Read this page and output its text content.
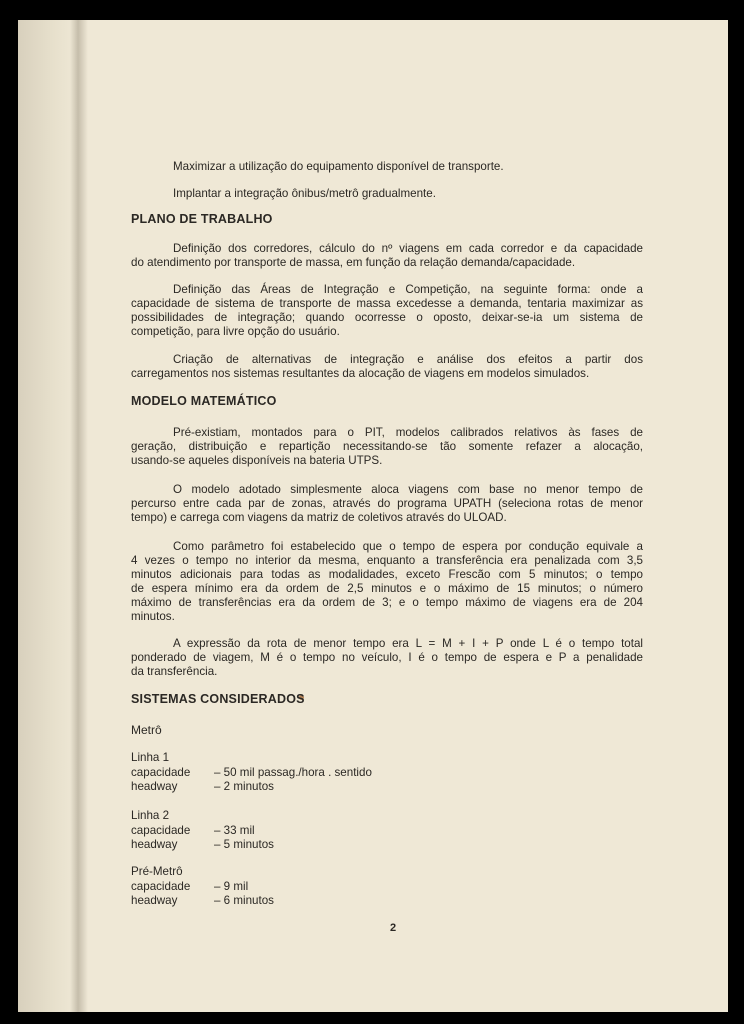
Maximizar a utilização do equipamento disponível de transporte.
Implantar a integração ônibus/metrô gradualmente.
PLANO DE TRABALHO
Definição dos corredores, cálculo do nº viagens em cada corredor e da capacidade
do atendimento por transporte de massa, em função da relação demanda/capacidade.
Definição das Áreas de Integração e Competição, na seguinte forma: onde a
capacidade de sistema de transporte de massa excedesse a demanda, tentaria maximizar as
possibilidades de integração; quando ocorresse o oposto, deixar-se-ia um sistema de
competição, para livre opção do usuário.
Criação de alternativas de integração e análise dos efeitos a partir dos
carregamentos nos sistemas resultantes da alocação de viagens em modelos simulados.
MODELO MATEMÁTICO
Pré-existiam, montados para o PIT, modelos calibrados relativos às fases de
geração, distribuição e repartição necessitando-se tão somente refazer a alocação,
usando-se aqueles disponíveis na bateria UTPS.
O modelo adotado simplesmente aloca viagens com base no menor tempo de
percurso entre cada par de zonas, através do programa UPATH (seleciona rotas de menor
tempo) e carrega com viagens da matriz de coletivos através do ULOAD.
Como parâmetro foi estabelecido que o tempo de espera por condução equivale a
4 vezes o tempo no interior da mesma, enquanto a transferência era penalizada com 3,5
minutos adicionais para todas as modalidades, exceto Frescão com 5 minutos; o tempo
de espera mínimo era da ordem de 2,5 minutos e o máximo de 15 minutos; o número
máximo de transferências era da ordem de 3; e o tempo máximo de viagens era de 204
minutos.
A expressão da rota de menor tempo era L = M + I + P onde L é o tempo total
ponderado de viagem, M é o tempo no veículo, I é o tempo de espera e P a penalidade
da transferência.
SISTEMAS CONSIDERADOS
Metrô
Linha 1
capacidade – 50 mil passag./hora . sentido
headway	– 2 minutos
Linha 2
capacidade – 33 mil
headway	– 5 minutos
Pré-Metrô
capacidade – 9 mil
headway	– 6 minutos
2
